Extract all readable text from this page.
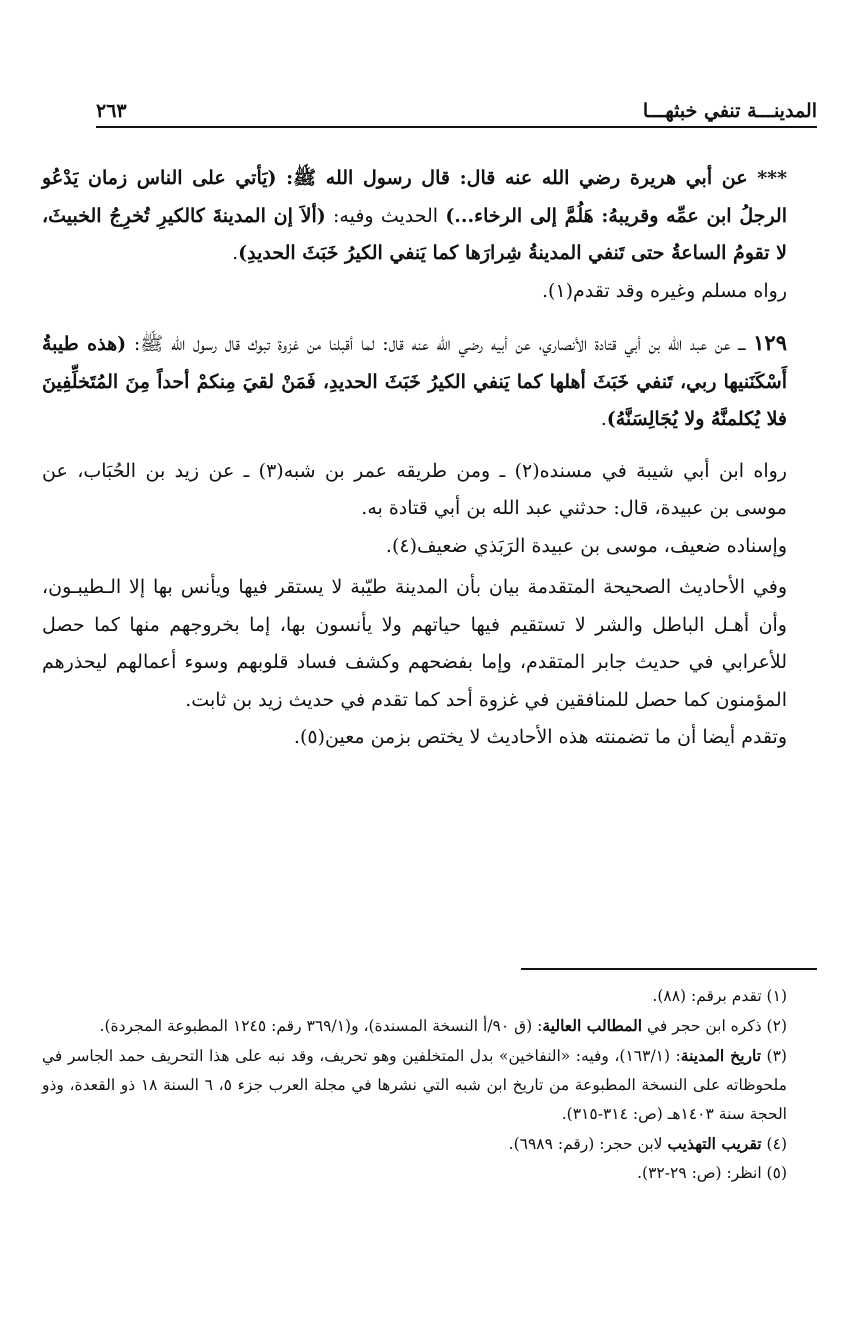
المدينـــة تنفي خبثهـــا
٢٦٣

*** عن أبي هريرة رضي الله عنه قال: قال رسول الله ﷺ: (يَأتي على الناس زمان يَدْعُو الرجلُ ابن عمِّه وقريبهُ: هَلُمَّ إلى الرخاء...) الحديث وفيه: (ألاَ إن المدينةَ كالكيرِ تُخرِجُ الخبيثَ، لا تقومُ الساعةُ حتى تَنفي المدينةُ شِرارَها كما يَنفي الكيرُ خَبَثَ الحديدِ).

رواه مسلم وغيره وقد تقدم(١).

١٢٩ ـــ عن عبد الله بن أبي قتادة الأنصاري، عن أبيه رضي الله عنه قال: لما أقبلنا من غزوة تبوك قال رسول الله ﷺ: (هذه طيبةُ أَسْكَنَنيها ربي، تَنفي خَبَثَ أهلها كما يَنفي الكيرُ خَبَثَ الحديدِ، فَمَنْ لقيَ مِنكمْ أحداً مِنَ المُتَخلِّفِينَ فلا يُكلمنَّهُ ولا يُجَالِسَنَّهُ).

رواه ابن أبي شيبة في مسنده(٢) ـ ومن طريقه عمر بن شبه(٣) ـ عن زيد بن الحُبَاب، عن موسى بن عبيدة، قال: حدثني عبد الله بن أبي قتادة به.

وإسناده ضعيف، موسى بن عبيدة الرَبَذي ضعيف(٤).

وفي الأحاديث الصحيحة المتقدمة بيان بأن المدينة طيّبة لا يستقر فيها ويأنس بها إلا الـطيبـون، وأن أهـل الباطل والشر لا تستقيم فيها حياتهم ولا يأنسون بها، إما بخروجهم منها كما حصل للأعرابي في حديث جابر المتقدم، وإما بفضحهم وكشف فساد قلوبهم وسوء أعمالهم ليحذرهم المؤمنون كما حصل للمنافقين في غزوة أحد كما تقدم في حديث زيد بن ثابت.

وتقدم أيضا أن ما تضمنته هذه الأحاديث لا يختص بزمن معين(٥).

(١) تقدم برقم: (٨٨).

(٢) ذكره ابن حجر في المطالب العالية: (ق ٩٠/أ النسخة المسندة)، و(٣٦٩/١ رقم: ١٢٤٥ المطبوعة المجردة).

(٣) تاريخ المدينة: (١٦٣/١)، وفيه: «النفاخين» بدل المتخلفين وهو تحريف، وقد نبه على هذا التحريف حمد الجاسر في ملحوظاته على النسخة المطبوعة من تاريخ ابن شبه التي نشرها في مجلة العرب جزء ٥، ٦ السنة ١٨ ذو القعدة، وذو الحجة سنة ١٤٠٣هـ (ص: ٣١٤-٣١٥).

(٤) تقريب التهذيب لابن حجر: (رقم: ٦٩٨٩).

(٥) انظر: (ص: ٢٩-٣٢).
